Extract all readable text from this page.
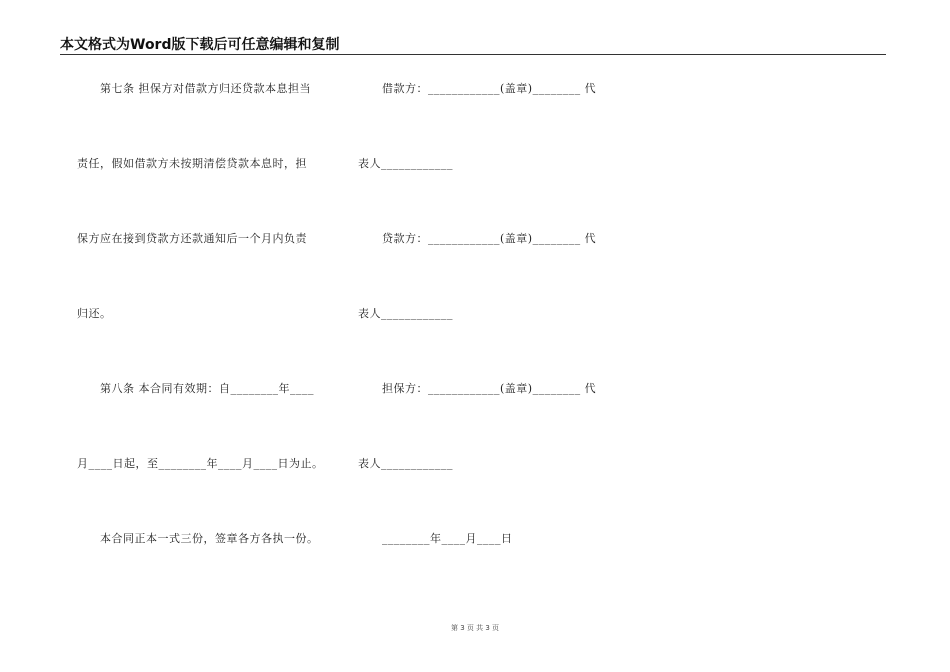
本文格式为Word版下载后可任意编辑和复制
第七条 担保方对借款方归还贷款本息担当
责任，假如借款方未按期清偿贷款本息时，担
保方应在接到贷款方还款通知后一个月内负责
归还。
第八条 本合同有效期：自________年____
月____日起，至________年____月____日为止。
本合同正本一式三份，签章各方各执一份。
借款方：____________(盖章)________ 代
表人____________
贷款方：____________(盖章)________ 代
表人____________
担保方：____________(盖章)________ 代
表人____________
________年____月____日
第 3 页 共 3 页
